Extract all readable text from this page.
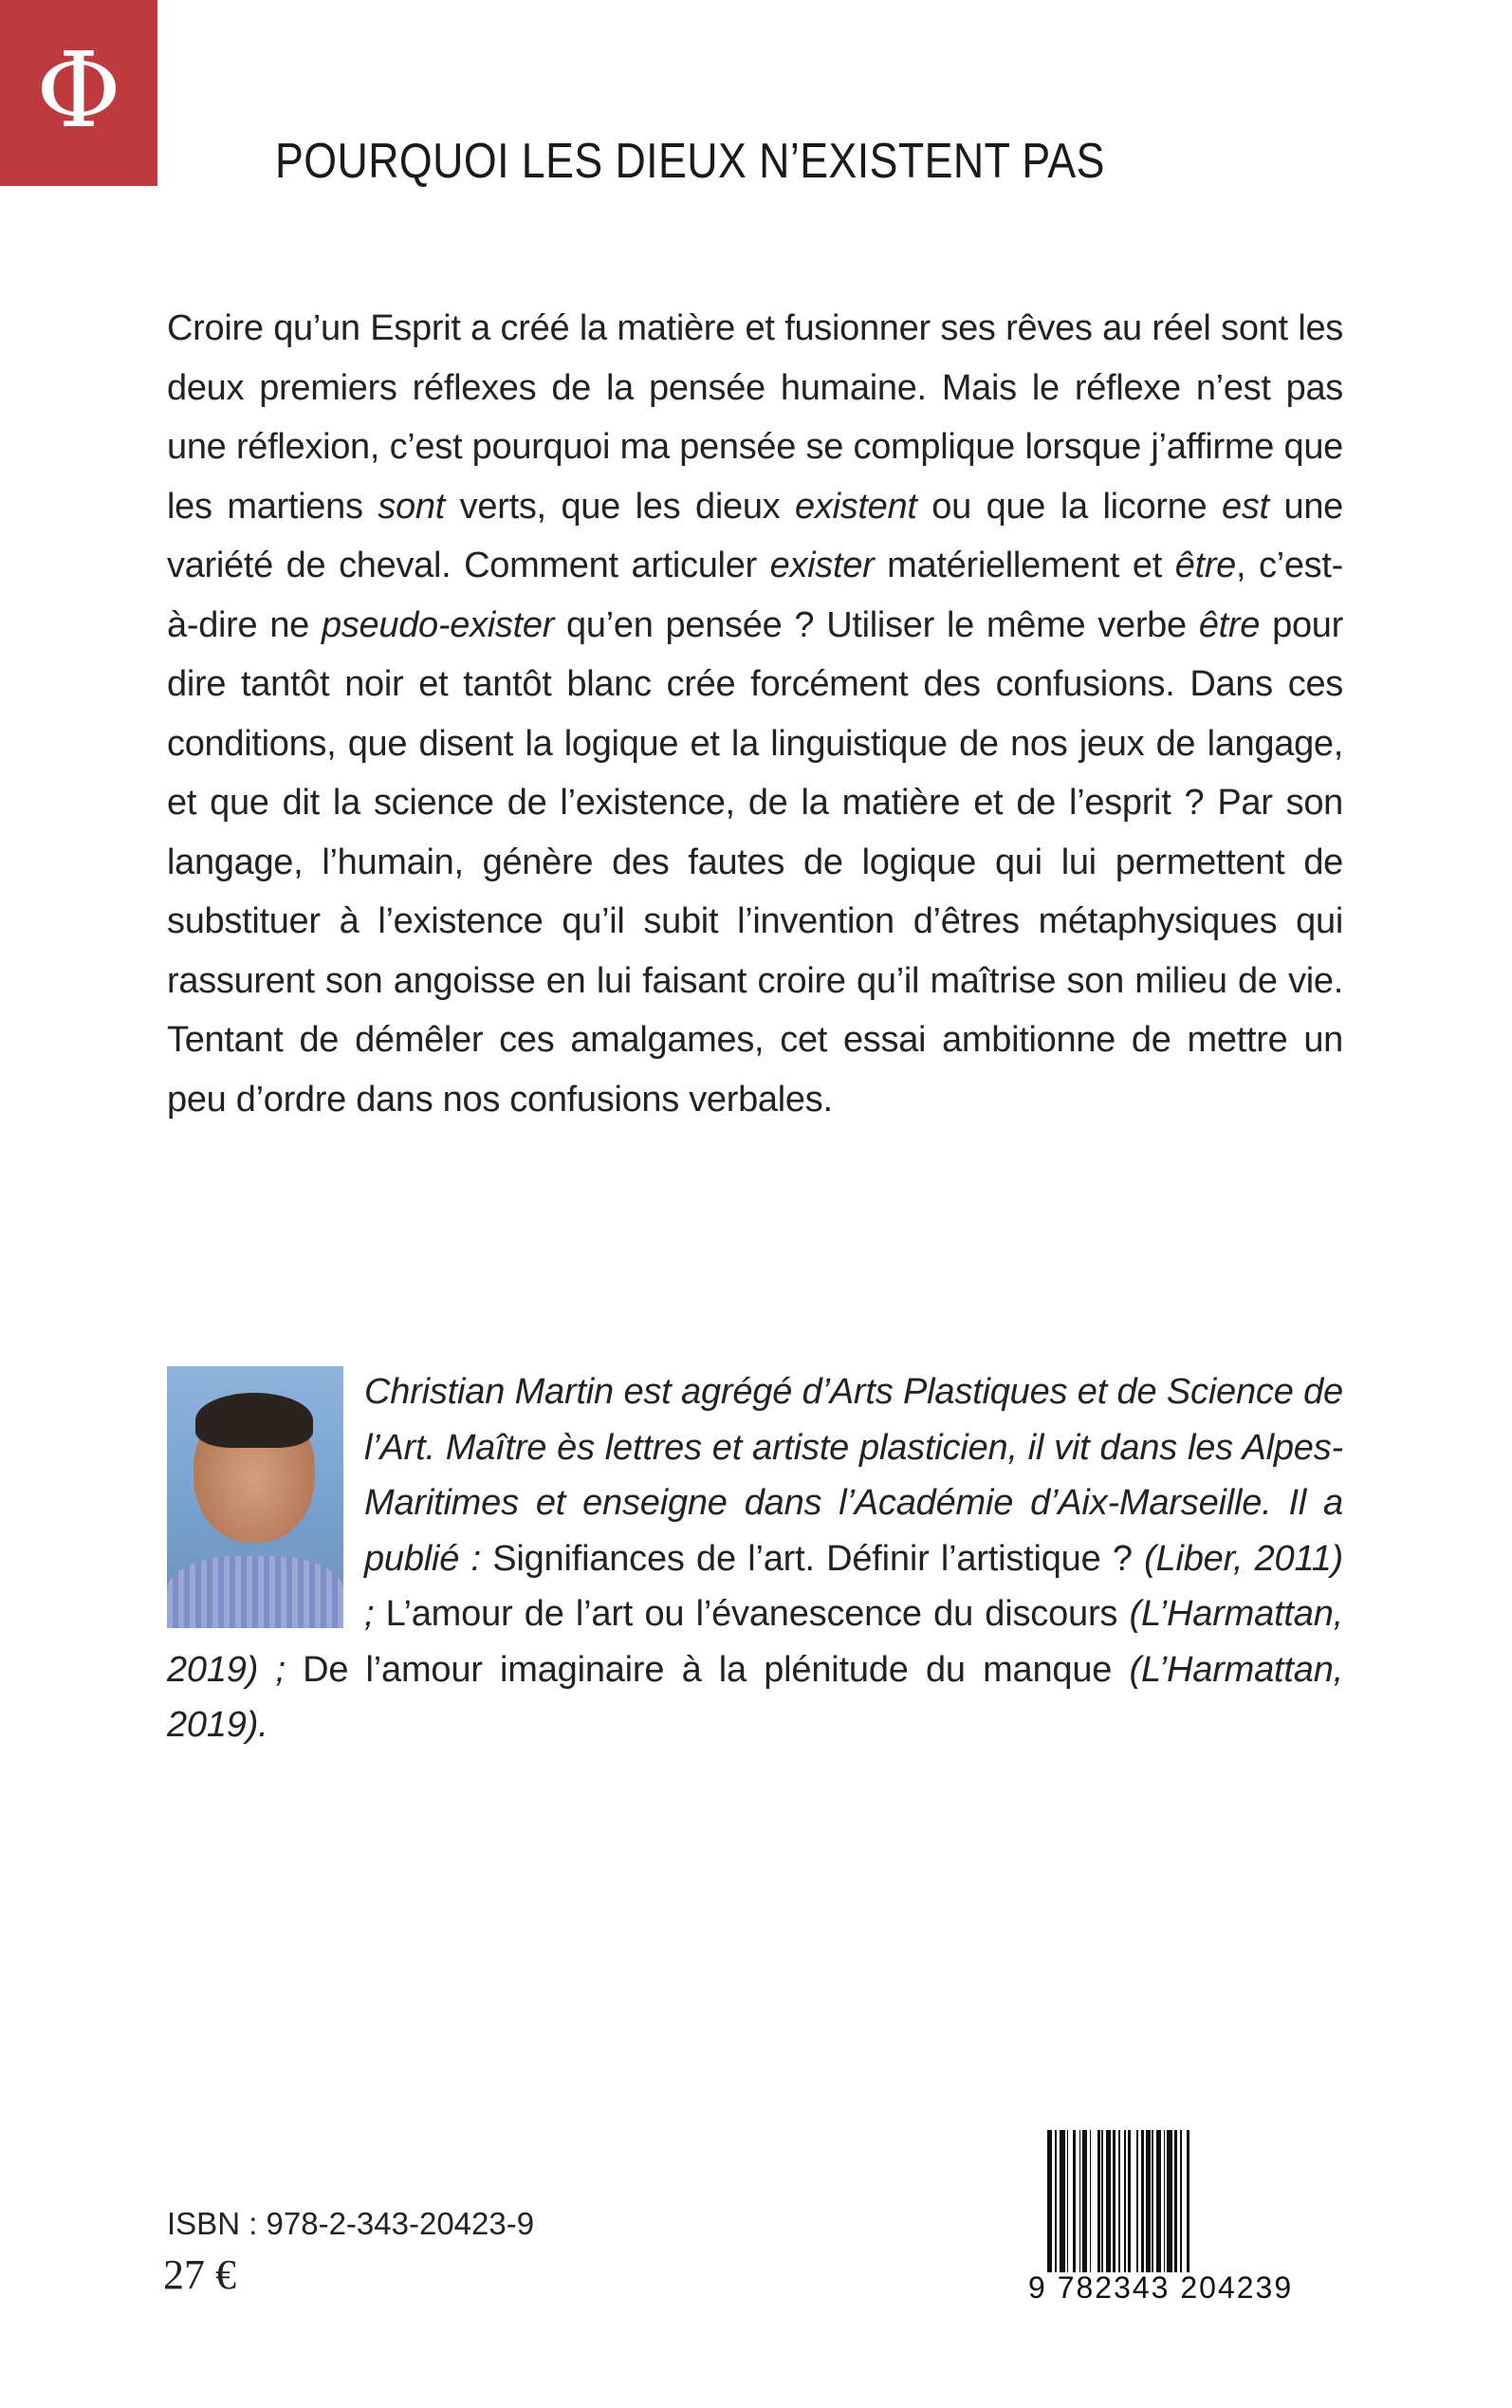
Φ
POURQUOI LES DIEUX N’EXISTENT PAS

Croire qu’un Esprit a créé la matière et fusionner ses rêves au réel sont les deux premiers réflexes de la pensée humaine. Mais le réflexe n’est pas une réflexion, c’est pourquoi ma pensée se complique lorsque j’affirme que les martiens sont verts, que les dieux existent ou que la licorne est une variété de cheval. Comment articuler exister matériellement et être, c’est-à-dire ne pseudo-exister qu’en pensée ? Utiliser le même verbe être pour dire tantôt noir et tantôt blanc crée forcément des confusions. Dans ces conditions, que disent la logique et la linguistique de nos jeux de langage, et que dit la science de l’existence, de la matière et de l’esprit ? Par son langage, l’humain, génère des fautes de logique qui lui permettent de substituer à l’existence qu’il subit l’invention d’êtres métaphysiques qui rassurent son angoisse en lui faisant croire qu’il maîtrise son milieu de vie. Tentant de démêler ces amalgames, cet essai ambitionne de mettre un peu d’ordre dans nos confusions verbales.

Christian Martin est agrégé d’Arts Plastiques et de Science de l’Art. Maître ès lettres et artiste plasticien, il vit dans les Alpes-Maritimes et enseigne dans l’Académie d’Aix-Marseille. Il a publié : Signifiances de l’art. Définir l’artistique ? (Liber, 2011) ; L’amour de l’art ou l’évanescence du discours (L’Harmattan, 2019) ; De l’amour imaginaire à la plénitude du manque (L’Harmattan, 2019).
ISBN : 978-2-343-20423-9
27 €	9 782343 204239
